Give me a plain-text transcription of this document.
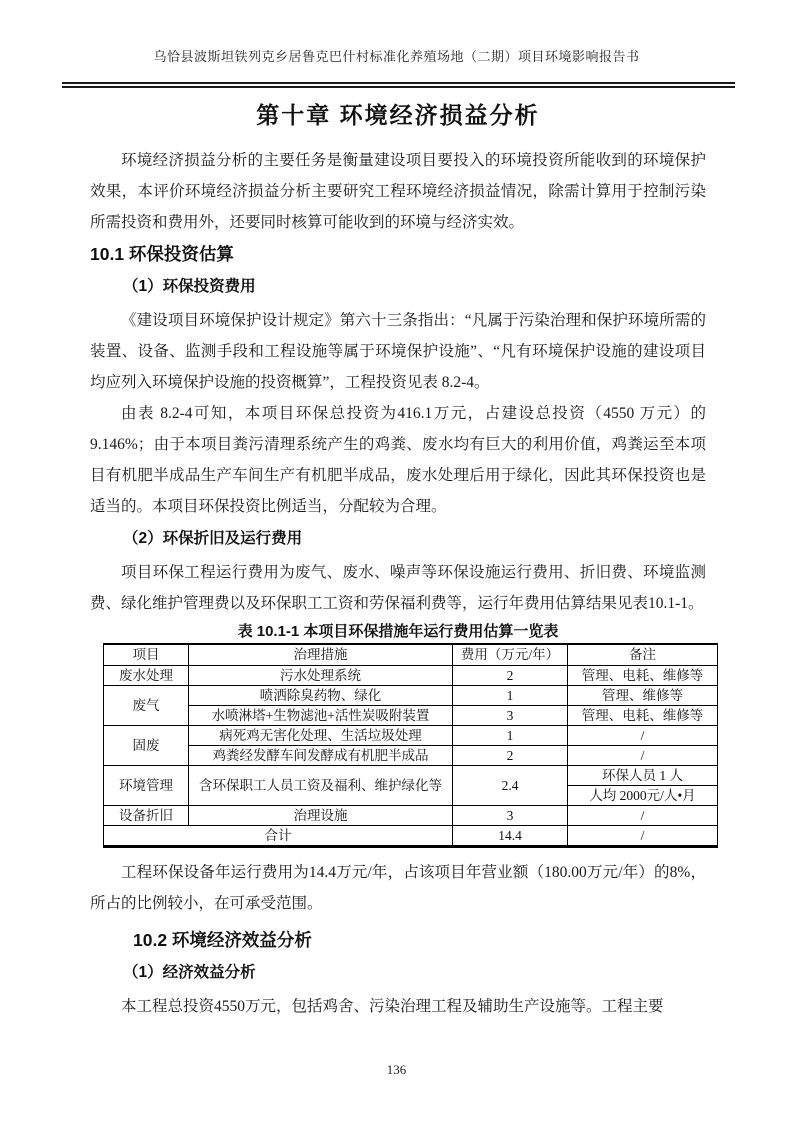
乌恰县波斯坦铁列克乡居鲁克巴什村标准化养殖场地（二期）项目环境影响报告书
第十章 环境经济损益分析

环境经济损益分析的主要任务是衡量建设项目要投入的环境投资所能收到的环境保护效果，本评价环境经济损益分析主要研究工程环境经济损益情况，除需计算用于控制污染所需投资和费用外，还要同时核算可能收到的环境与经济实效。

10.1 环保投资估算
（1）环保投资费用

《建设项目环境保护设计规定》第六十三条指出：“凡属于污染治理和保护环境所需的装置、设备、监测手段和工程设施等属于环境保护设施”、“凡有环境保护设施的建设项目均应列入环境保护设施的投资概算”，工程投资见表 8.2-4。

由表 8.2-4可知，本项目环保总投资为416.1万元，占建设总投资（4550 万元）的9.146%；由于本项目粪污清理系统产生的鸡粪、废水均有巨大的利用价值，鸡粪运至本项目有机肥半成品生产车间生产有机肥半成品，废水处理后用于绿化，因此其环保投资也是适当的。本项目环保投资比例适当，分配较为合理。

（2）环保折旧及运行费用

项目环保工程运行费用为废气、废水、噪声等环保设施运行费用、折旧费、环境监测费、绿化维护管理费以及环保职工工资和劳保福利费等，运行年费用估算结果见表10.1-1。

表 10.1-1 本项目环保措施年运行费用估算一览表
项目	治理措施	费用（万元/年）	备注
废水处理	污水处理系统	2	管理、电耗、维修等
废气	喷洒除臭药物、绿化	1	管理、维修等
	水喷淋塔+生物滤池+活性炭吸附装置	3	管理、电耗、维修等
固废	病死鸡无害化处理、生活垃圾处理	1	/
	鸡粪经发酵车间发酵成有机肥半成品	2	/
环境管理	含环保职工人员工资及福利、维护绿化等	2.4	环保人员 1 人
			人均 2000元/人•月
设备折旧	治理设施	3	/
合计		14.4	/

工程环保设备年运行费用为14.4万元/年，占该项目年营业额（180.00万元/年）的8%，所占的比例较小，在可承受范围。

10.2 环境经济效益分析
（1）经济效益分析

本工程总投资4550万元，包括鸡舍、污染治理工程及辅助生产设施等。工程主要

136
